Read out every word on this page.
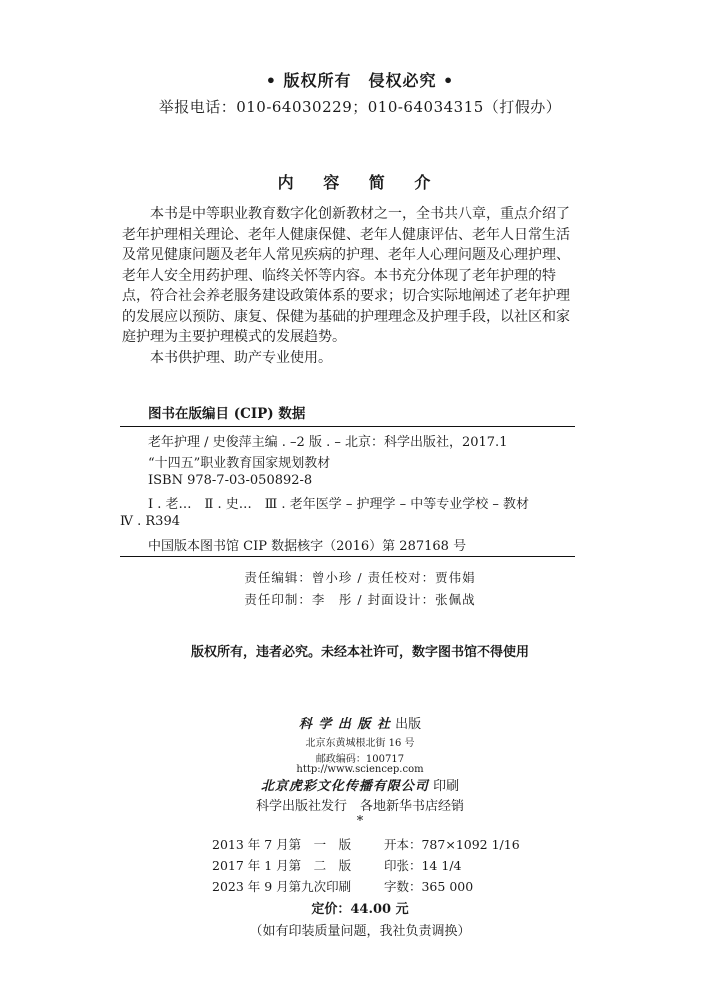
• 版权所有　侵权必究 •
举报电话：010-64030229；010-64034315（打假办）
内 容 简 介

本书是中等职业教育数字化创新教材之一，全书共八章，重点介绍了

老年护理相关理论、老年人健康保健、老年人健康评估、老年人日常生活

及常见健康问题及老年人常见疾病的护理、老年人心理问题及心理护理、

老年人安全用药护理、临终关怀等内容。本书充分体现了老年护理的特

点，符合社会养老服务建设政策体系的要求；切合实际地阐述了老年护理

的发展应以预防、康复、保健为基础的护理理念及护理手段，以社区和家

庭护理为主要护理模式的发展趋势。

本书供护理、助产专业使用。

图书在版编目 (CIP) 数据
老年护理 / 史俊萍主编 . –2 版 . – 北京：科学出版社，2017.1
“十四五”职业教育国家规划教材
ISBN 978-7-03-050892-8
Ⅰ . 老…　Ⅱ . 史…　Ⅲ . 老年医学 – 护理学 – 中等专业学校 – 教材
Ⅳ . R394
中国版本图书馆 CIP 数据核字（2016）第 287168 号
责任编辑：曾小珍 / 责任校对：贾伟娟
责任印制：李　彤 / 封面设计：张佩战
版权所有，违者必究。未经本社许可，数字图书馆不得使用
科 学 出 版 社 出版
北京东黄城根北街 16 号
邮政编码：100717
http://www.sciencep.com
北京虎彩文化传播有限公司 印刷
科学出版社发行　各地新华书店经销
*
2013 年 7 月第　一　版	开本：787×1092 1/16
2017 年 1 月第　二　版	印张：14 1/4
2023 年 9 月第九次印刷	字数：365 000
定价：44.00 元
（如有印装质量问题，我社负责调换）
